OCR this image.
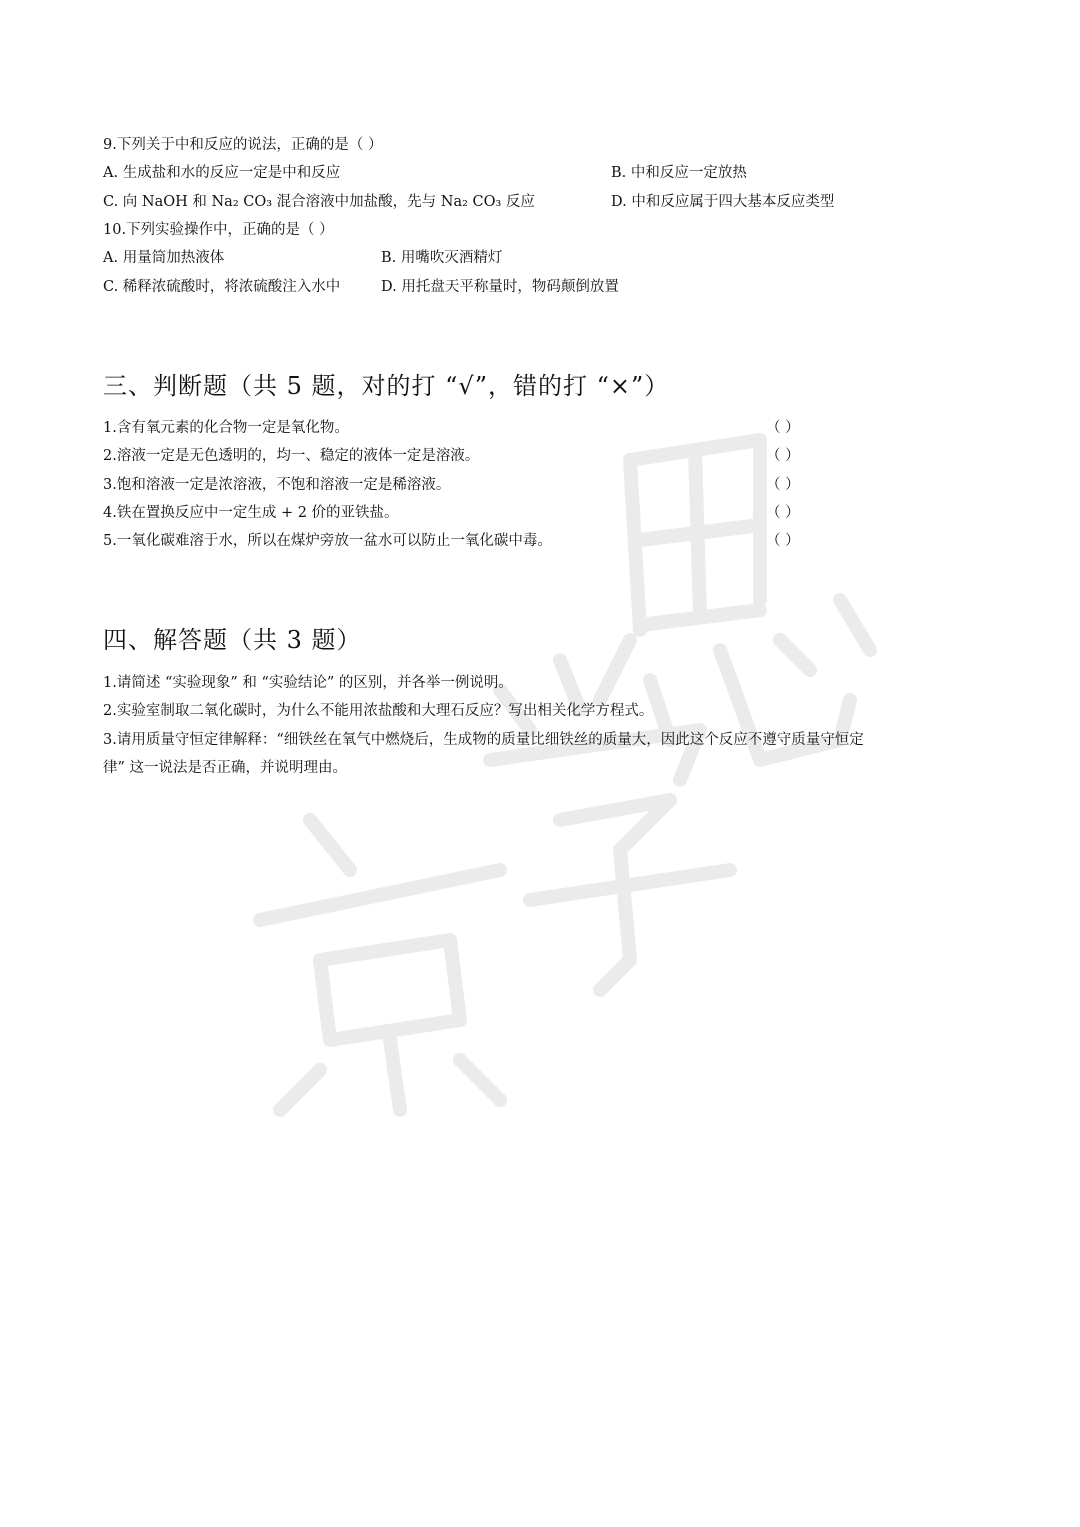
9.下列关于中和反应的说法，正确的是（ ）
A. 生成盐和水的反应一定是中和反应	B. 中和反应一定放热
C. 向 NaOH 和 Na₂ CO₃ 混合溶液中加盐酸，先与 Na₂ CO₃ 反应	D. 中和反应属于四大基本反应类型
10.下列实验操作中，正确的是（ ）
A. 用量筒加热液体	B. 用嘴吹灭酒精灯
C. 稀释浓硫酸时，将浓硫酸注入水中	D. 用托盘天平称量时，物码颠倒放置
三、判断题（共 5 题，对的打 “√”，错的打 “×”）
1.含有氧元素的化合物一定是氧化物。	（ ）
2.溶液一定是无色透明的，均一、稳定的液体一定是溶液。	（ ）
3.饱和溶液一定是浓溶液，不饱和溶液一定是稀溶液。	（ ）
4.铁在置换反应中一定生成 + 2 价的亚铁盐。	（ ）
5.一氧化碳难溶于水，所以在煤炉旁放一盆水可以防止一氧化碳中毒。	（ ）
四、解答题（共 3 题）
1.请简述 “实验现象” 和 “实验结论” 的区别，并各举一例说明。
2.实验室制取二氧化碳时，为什么不能用浓盐酸和大理石反应？写出相关化学方程式。
3.请用质量守恒定律解释：“细铁丝在氧气中燃烧后，生成物的质量比细铁丝的质量大，因此这个反应不遵守质量守恒定
律” 这一说法是否正确，并说明理由。
